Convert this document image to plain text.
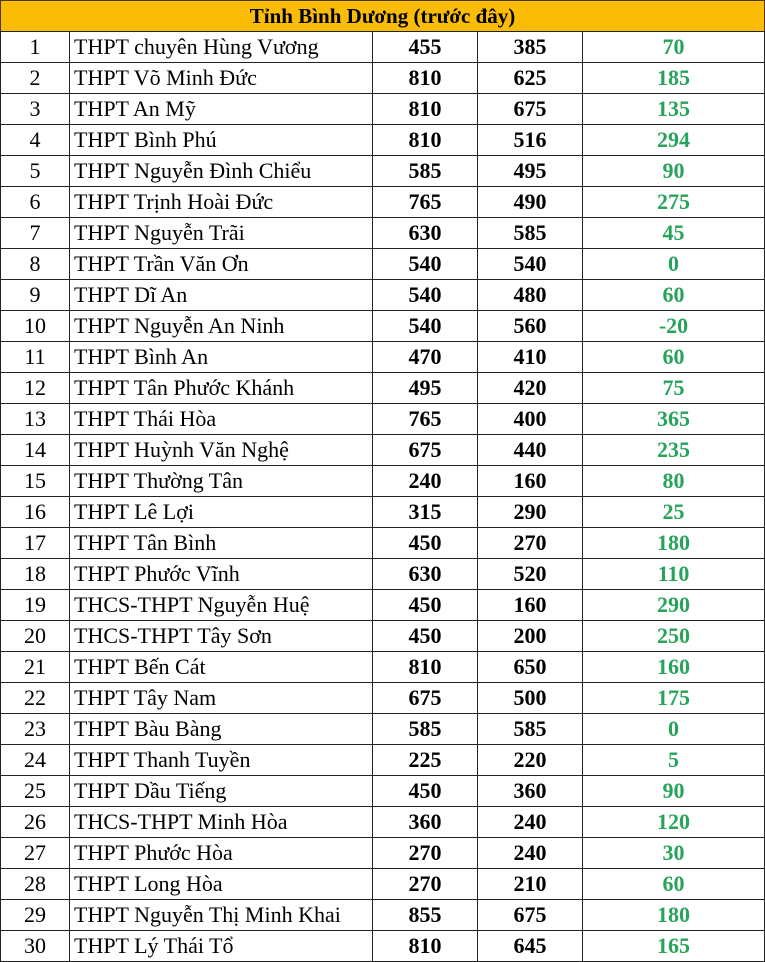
Tỉnh Bình Dương (trước đây)				
1	THPT chuyên Hùng Vương	455	385	70
2	THPT Võ Minh Đức	810	625	185
3	THPT An Mỹ	810	675	135
4	THPT Bình Phú	810	516	294
5	THPT Nguyễn Đình Chiểu	585	495	90
6	THPT Trịnh Hoài Đức	765	490	275
7	THPT Nguyễn Trãi	630	585	45
8	THPT Trần Văn Ơn	540	540	0
9	THPT Dĩ An	540	480	60
10	THPT Nguyễn An Ninh	540	560	-20
11	THPT Bình An	470	410	60
12	THPT Tân Phước Khánh	495	420	75
13	THPT Thái Hòa	765	400	365
14	THPT Huỳnh Văn Nghệ	675	440	235
15	THPT Thường Tân	240	160	80
16	THPT Lê Lợi	315	290	25
17	THPT Tân Bình	450	270	180
18	THPT Phước Vĩnh	630	520	110
19	THCS-THPT Nguyễn Huệ	450	160	290
20	THCS-THPT Tây Sơn	450	200	250
21	THPT Bến Cát	810	650	160
22	THPT Tây Nam	675	500	175
23	THPT Bàu Bàng	585	585	0
24	THPT Thanh Tuyền	225	220	5
25	THPT Dầu Tiếng	450	360	90
26	THCS-THPT Minh Hòa	360	240	120
27	THPT Phước Hòa	270	240	30
28	THPT Long Hòa	270	210	60
29	THPT Nguyễn Thị Minh Khai	855	675	180
30	THPT Lý Thái Tổ	810	645	165
